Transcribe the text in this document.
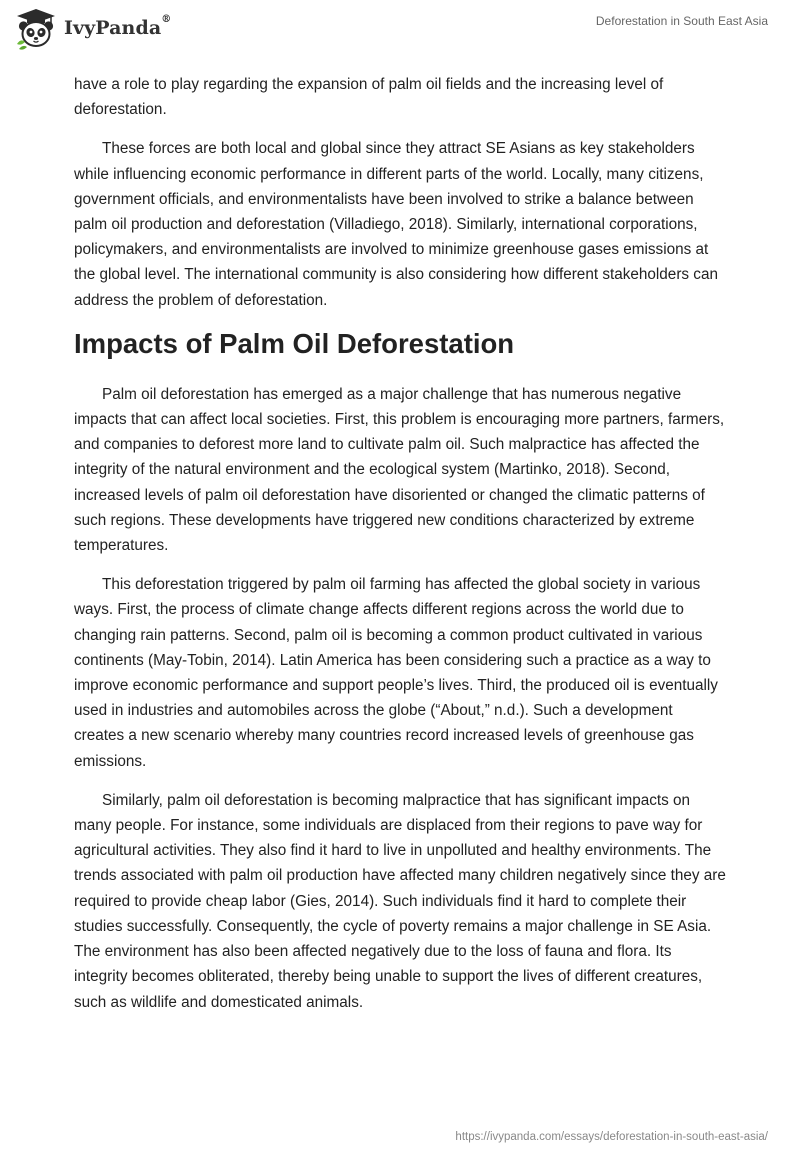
IvyPanda®	Deforestation in South East Asia

have a role to play regarding the expansion of palm oil fields and the increasing level of deforestation.

These forces are both local and global since they attract SE Asians as key stakeholders while influencing economic performance in different parts of the world. Locally, many citizens, government officials, and environmentalists have been involved to strike a balance between palm oil production and deforestation (Villadiego, 2018). Similarly, international corporations, policymakers, and environmentalists are involved to minimize greenhouse gases emissions at the global level. The international community is also considering how different stakeholders can address the problem of deforestation.

Impacts of Palm Oil Deforestation

Palm oil deforestation has emerged as a major challenge that has numerous negative impacts that can affect local societies. First, this problem is encouraging more partners, farmers, and companies to deforest more land to cultivate palm oil. Such malpractice has affected the integrity of the natural environment and the ecological system (Martinko, 2018). Second, increased levels of palm oil deforestation have disoriented or changed the climatic patterns of such regions. These developments have triggered new conditions characterized by extreme temperatures.

This deforestation triggered by palm oil farming has affected the global society in various ways. First, the process of climate change affects different regions across the world due to changing rain patterns. Second, palm oil is becoming a common product cultivated in various continents (May-Tobin, 2014). Latin America has been considering such a practice as a way to improve economic performance and support people’s lives. Third, the produced oil is eventually used in industries and automobiles across the globe (“About,” n.d.). Such a development creates a new scenario whereby many countries record increased levels of greenhouse gas emissions.

Similarly, palm oil deforestation is becoming malpractice that has significant impacts on many people. For instance, some individuals are displaced from their regions to pave way for agricultural activities. They also find it hard to live in unpolluted and healthy environments. The trends associated with palm oil production have affected many children negatively since they are required to provide cheap labor (Gies, 2014). Such individuals find it hard to complete their studies successfully. Consequently, the cycle of poverty remains a major challenge in SE Asia. The environment has also been affected negatively due to the loss of fauna and flora. Its integrity becomes obliterated, thereby being unable to support the lives of different creatures, such as wildlife and domesticated animals.

https://ivypanda.com/essays/deforestation-in-south-east-asia/
